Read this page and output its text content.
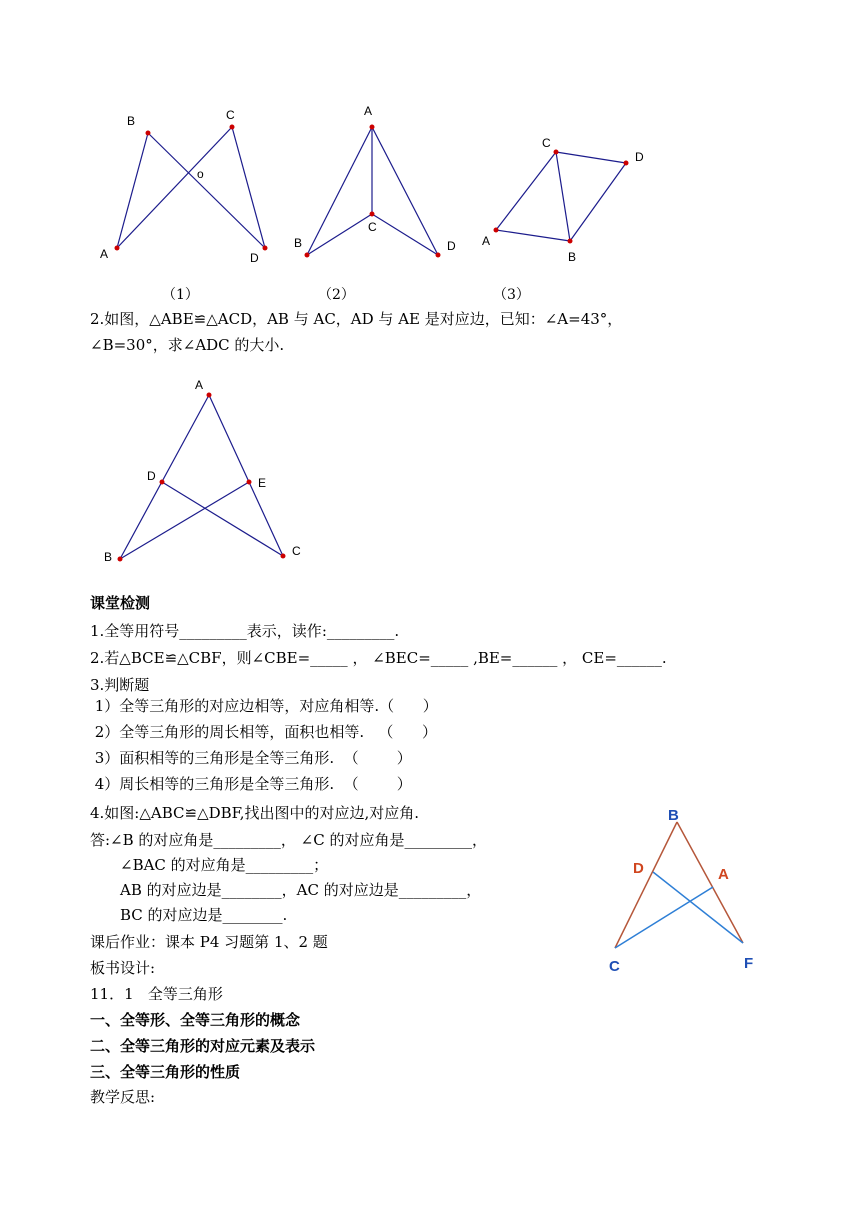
B	C
o
A	D
（1）
A
C
B	D
（2）
C
D
A
B
（3）
2.如图，△ABE≌△ACD，AB 与 AC，AD 与 AE 是对应边，已知：∠A=43°，
∠B=30°，求∠ADC 的大小.
A
D	E
B	C
课堂检测
1.全等用符号_________表示，读作:_________.
2.若△BCE≌△CBF，则∠CBE=_____ ， ∠BEC=_____ ,BE=______ ， CE=______.
3.判断题
1）全等三角形的对应边相等，对应角相等.（      ）
2）全等三角形的周长相等，面积也相等.   （      ）
3）面积相等的三角形是全等三角形.  （        ）
4）周长相等的三角形是全等三角形.  （        ）
4.如图:△ABC≌△DBF,找出图中的对应边,对应角.
答:∠B 的对应角是_________， ∠C 的对应角是_________，
∠BAC 的对应角是_________；
AB 的对应边是________，AC 的对应边是_________，
BC 的对应边是________.
B
D	A
C	F
课后作业：课本 P4 习题第 1、2 题
板书设计:
11．1   全等三角形
一、全等形、全等三角形的概念
二、全等三角形的对应元素及表示
三、全等三角形的性质
教学反思:
